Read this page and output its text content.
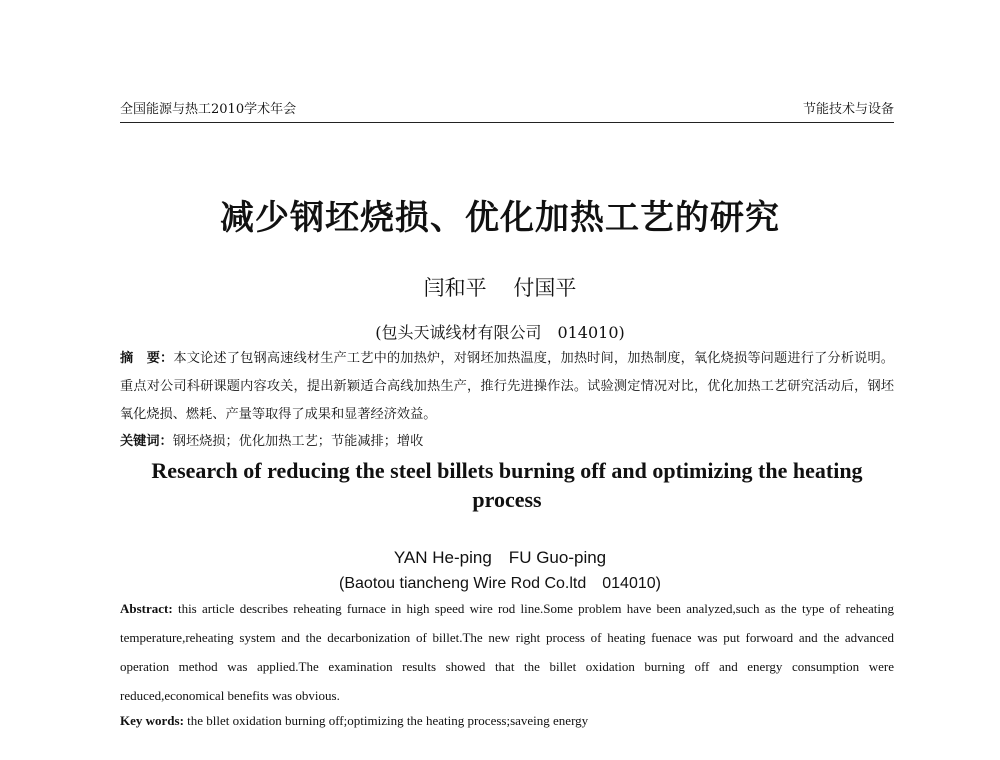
全国能源与热工2010学术年会	节能技术与设备
减少钢坯烧损、优化加热工艺的研究
闫和平 付国平
(包头天诚线材有限公司　014010)
摘　要：本文论述了包钢高速线材生产工艺中的加热炉，对钢坯加热温度，加热时间，加热制度，氧化烧损等问题进行了分析说明。重点对公司科研课题内容攻关，提出新颖适合高线加热生产，推行先进操作法。试验测定情况对比，优化加热工艺研究活动后，钢坯氧化烧损、燃耗、产量等取得了成果和显著经济效益。
关键词：钢坯烧损；优化加热工艺；节能减排；增收
Research of reducing the steel billets burning off and optimizing the heating process
YAN He-ping　FU Guo-ping
(Baotou tiancheng Wire Rod Co.ltd　014010)
Abstract: this article describes reheating furnace in high speed wire rod line.Some problem have been analyzed,such as the type of reheating temperature,reheating system and the decarbonization of billet.The new right process of heating fuenace was put forwoard and the advanced operation method was applied.The examination results showed that the billet oxidation burning off and energy consumption were reduced,economical benefits was obvious.
Key words: the bllet oxidation burning off;optimizing the heating process;saveing energy
